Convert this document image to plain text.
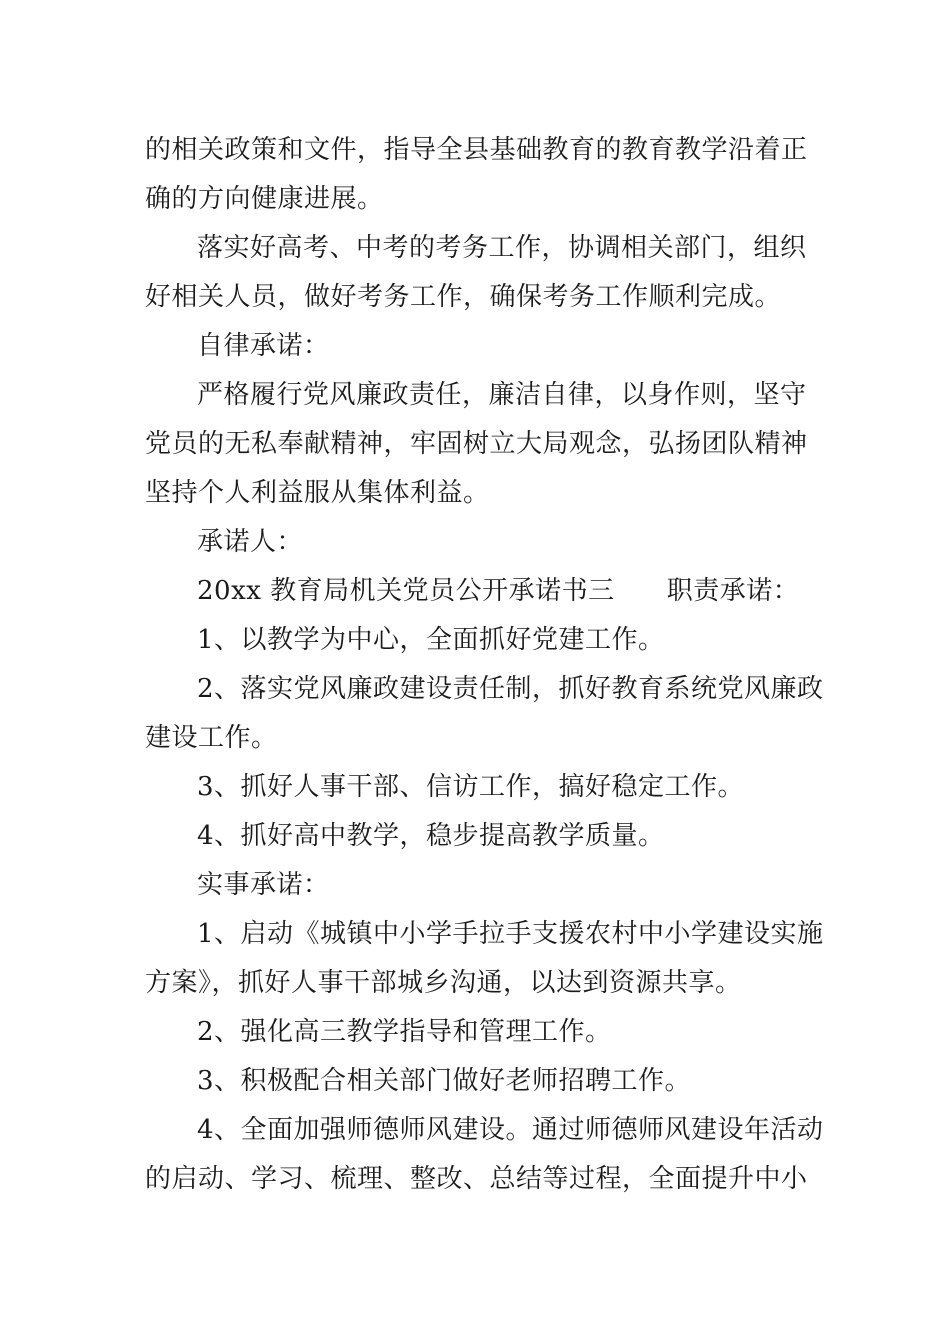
的相关政策和文件，指导全县基础教育的教育教学沿着正
确的方向健康进展。
落实好高考、中考的考务工作，协调相关部门，组织
好相关人员，做好考务工作，确保考务工作顺利完成。
自律承诺：
严格履行党风廉政责任，廉洁自律，以身作则，坚守
党员的无私奉献精神，牢固树立大局观念，弘扬团队精神
坚持个人利益服从集体利益。
承诺人：
20xx 教育局机关党员公开承诺书三 职责承诺：
1、以教学为中心，全面抓好党建工作。
2、落实党风廉政建设责任制，抓好教育系统党风廉政
建设工作。
3、抓好人事干部、信访工作，搞好稳定工作。
4、抓好高中教学，稳步提高教学质量。
实事承诺：
1、启动《城镇中小学手拉手支援农村中小学建设实施
方案》，抓好人事干部城乡沟通，以达到资源共享。
2、强化高三教学指导和管理工作。
3、积极配合相关部门做好老师招聘工作。
4、全面加强师德师风建设。通过师德师风建设年活动
的启动、学习、梳理、整改、总结等过程，全面提升中小
